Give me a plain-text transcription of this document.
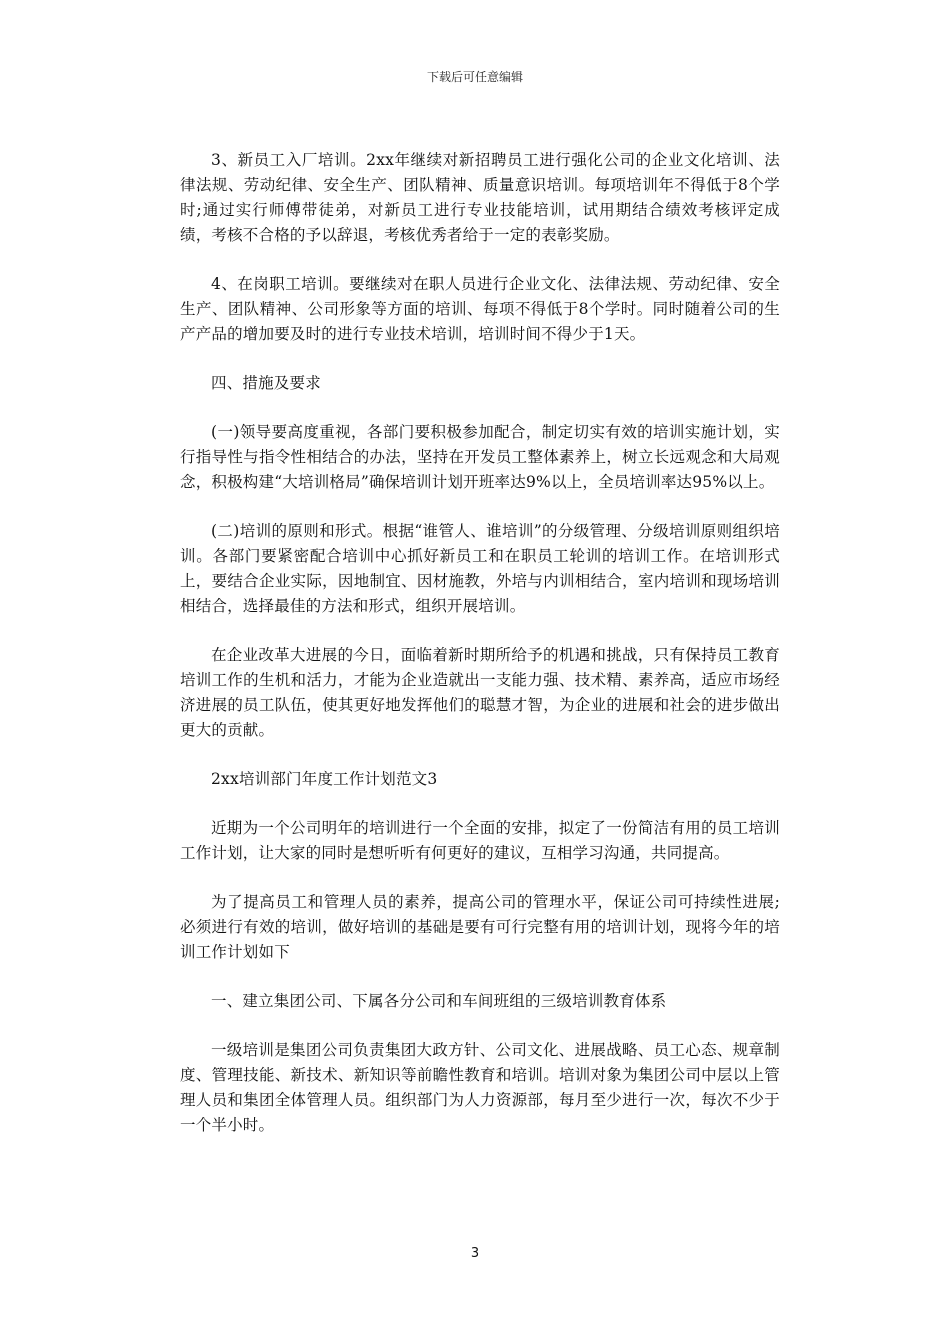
下载后可任意编辑

3、新员工入厂培训。2xx年继续对新招聘员工进行强化公司的企业文化培训、法律法规、劳动纪律、安全生产、团队精神、质量意识培训。每项培训年不得低于8个学时;通过实行师傅带徒弟，对新员工进行专业技能培训，试用期结合绩效考核评定成绩，考核不合格的予以辞退，考核优秀者给于一定的表彰奖励。

4、在岗职工培训。要继续对在职人员进行企业文化、法律法规、劳动纪律、安全生产、团队精神、公司形象等方面的培训、每项不得低于8个学时。同时随着公司的生产产品的增加要及时的进行专业技术培训，培训时间不得少于1天。

四、措施及要求

(一)领导要高度重视，各部门要积极参加配合，制定切实有效的培训实施计划，实行指导性与指令性相结合的办法，坚持在开发员工整体素养上，树立长远观念和大局观念，积极构建“大培训格局”确保培训计划开班率达9%以上，全员培训率达95%以上。

(二)培训的原则和形式。根据“谁管人、谁培训”的分级管理、分级培训原则组织培训。各部门要紧密配合培训中心抓好新员工和在职员工轮训的培训工作。在培训形式上，要结合企业实际，因地制宜、因材施教，外培与内训相结合，室内培训和现场培训相结合，选择最佳的方法和形式，组织开展培训。

在企业改革大进展的今日，面临着新时期所给予的机遇和挑战，只有保持员工教育培训工作的生机和活力，才能为企业造就出一支能力强、技术精、素养高，适应市场经济进展的员工队伍，使其更好地发挥他们的聪慧才智，为企业的进展和社会的进步做出更大的贡献。

2xx培训部门年度工作计划范文3

近期为一个公司明年的培训进行一个全面的安排，拟定了一份简洁有用的员工培训工作计划，让大家的同时是想听听有何更好的建议，互相学习沟通，共同提高。

为了提高员工和管理人员的素养，提高公司的管理水平，保证公司可持续性进展;必须进行有效的培训，做好培训的基础是要有可行完整有用的培训计划，现将今年的培训工作计划如下

一、建立集团公司、下属各分公司和车间班组的三级培训教育体系

一级培训是集团公司负责集团大政方针、公司文化、进展战略、员工心态、规章制度、管理技能、新技术、新知识等前瞻性教育和培训。培训对象为集团公司中层以上管理人员和集团全体管理人员。组织部门为人力资源部，每月至少进行一次，每次不少于一个半小时。

3
